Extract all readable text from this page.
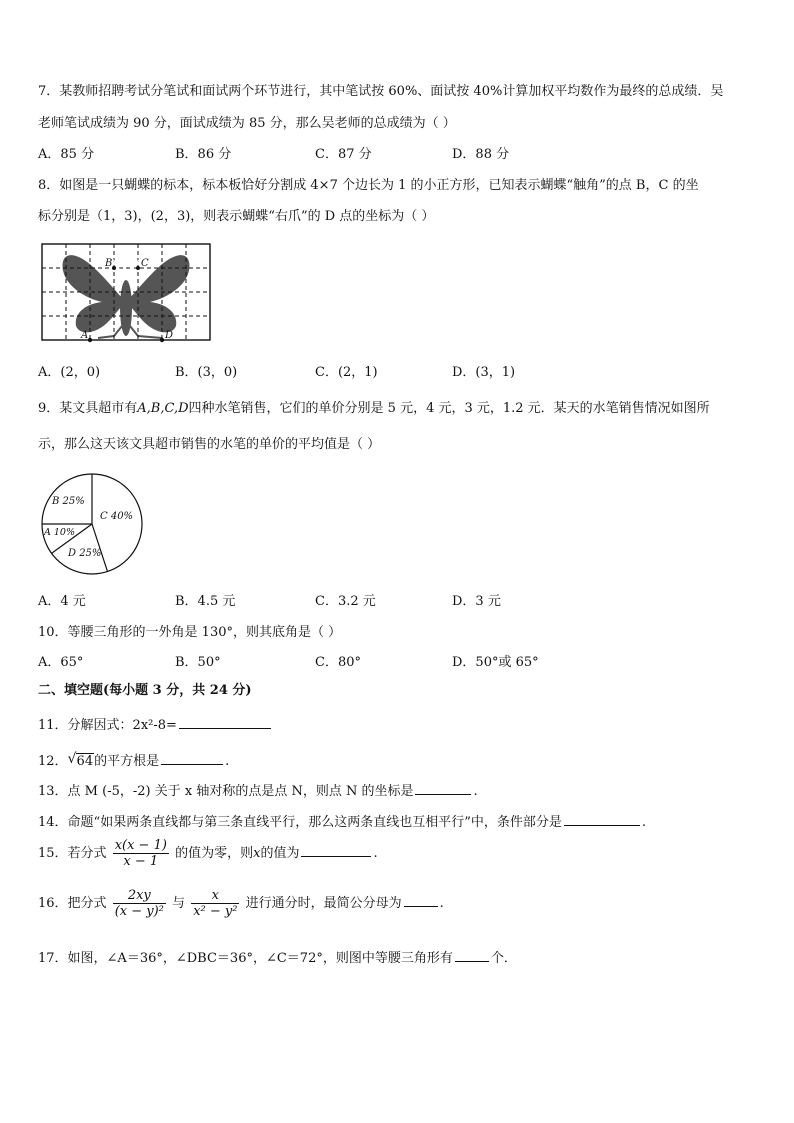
7．某教师招聘考试分笔试和面试两个环节进行，其中笔试按 60%、面试按 40%计算加权平均数作为最终的总成绩．吴
老师笔试成绩为 90 分，面试成绩为 85 分，那么吴老师的总成绩为（ ）
A．85 分	B．86 分	C．87 分	D．88 分
8．如图是一只蝴蝶的标本，标本板恰好分割成 4×7 个边长为 1 的小正方形，已知表示蝴蝶“触角”的点 B，C 的坐
标分别是（1，3)，(2，3)，则表示蝴蝶“右爪”的 D 点的坐标为（ ）
B	C
A	D
A．(2，0)	B．(3，0)	C．(2，1)	D．(3，1)
9．某文具超市有A,B,C,D四种水笔销售，它们的单价分别是 5 元，4 元，3 元，1.2 元．某天的水笔销售情况如图所
示，那么这天该文具超市销售的水笔的单价的平均值是（ ）
B 25%
C 40%
A 10%
D 25%
A．4 元	B．4.5 元	C．3.2 元	D．3 元
10．等腰三角形的一外角是 130°，则其底角是（ ）
A．65°	B．50°	C．80°	D．50°或 65°
二、填空题(每小题 3 分，共 24 分)
11．分解因式：2x²-8=
12． √ 64的平方根是	.
13．点 M (-5，-2) 关于 x 轴对称的点是点 N，则点 N 的坐标是	.
14．命题“如果两条直线都与第三条直线平行，那么这两条直线也互相平行”中，条件部分是	.
15．若分式 $\frac{x(x - 1)}{x - 1}$ 的值为零，则x的值为	.
16．把分式 $\frac{2xy}{\text{(x − y)²}}$ 与 $\frac{x}{\text{x² − y²}}$ 进行通分时，最简公分母为	.
17．如图，∠A＝36°，∠DBC＝36°，∠C＝72°，则图中等腰三角形有	个．
